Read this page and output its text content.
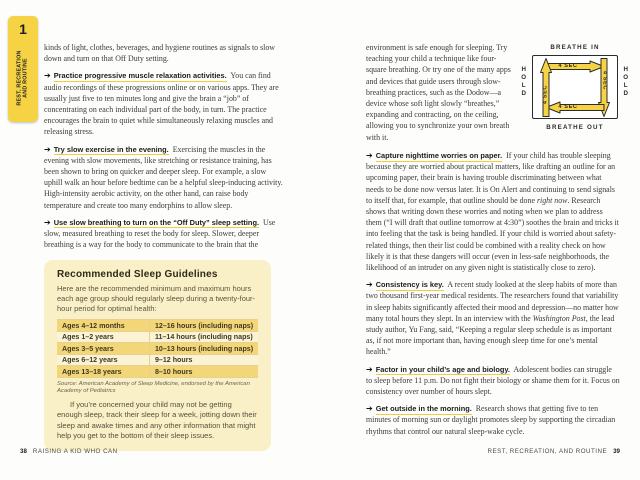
1
REST, RECREATION AND ROUTINE

kinds of light, clothes, beverages, and hygiene routines as signals to slow down and turn on that Off Duty setting.

➔ Practice progressive muscle relaxation activities. You can find audio recordings of these progressions online or on various apps. They are usually just five to ten minutes long and give the brain a “job” of concentrating on each individual part of the body, in turn. The practice encourages the brain to quiet while simultaneously relaxing muscles and releasing stress.

➔ Try slow exercise in the evening. Exercising the muscles in the evening with slow movements, like stretching or resistance training, has been shown to bring on quicker and deeper sleep. For example, a slow uphill walk an hour before bedtime can be a helpful sleep-inducing activity. High-intensity aerobic activity, on the other hand, can raise body temperature and create too many endorphins to allow sleep.

➔ Use slow breathing to turn on the “Off Duty” sleep setting. Use slow, measured breathing to reset the body for sleep. Slower, deeper breathing is a way for the body to communicate to the brain that the

Recommended Sleep Guidelines
Here are the recommended minimum and maximum hours each age group should regularly sleep during a twenty-four-hour period for optimal health:
Ages 4–12 months	12–16 hours (including naps)
Ages 1–2 years	11–14 hours (including naps)
Ages 3–5 years	10–13 hours (including naps)
Ages 6–12 years	9–12 hours
Ages 13–18 years	8–10 hours
Source: American Academy of Sleep Medicine, endorsed by the American Academy of Pediatrics
If you’re concerned your child may not be getting enough sleep, track their sleep for a week, jotting down their sleep and awake times and any other information that might help you get to the bottom of their sleep issues.

environment is safe enough for sleeping. Try teaching your child a technique like four-square breathing. Or try one of the many apps and devices that guide users through slow-breathing practices, such as the Dodow—a device whose soft light slowly “breathes,” expanding and contracting, on the ceiling, allowing you to synchronize your own breath with it.

BREATHE IN
BREATHE OUT
HOLD	HOLD
4 SEC
4 SEC
4 SEC
4 SEC

➔ Capture nighttime worries on paper. If your child has trouble sleeping because they are worried about practical matters, like drafting an outline for an upcoming paper, their brain is having trouble discriminating between what needs to be done now versus later. It is On Alert and continuing to send signals to itself that, for example, that outline should be done right now. Research shows that writing down these worries and noting when we plan to address them (“I will draft that outline tomorrow at 4:30”) soothes the brain and tricks it into feeling that the task is being handled. If your child is worried about safety-related things, then their list could be combined with a reality check on how likely it is that these dangers will occur (even in less-safe neighborhoods, the likelihood of an intruder on any given night is statistically close to zero).

➔ Consistency is key. A recent study looked at the sleep habits of more than two thousand first-year medical residents. The researchers found that variability in sleep habits significantly affected their mood and depression—no matter how many total hours they slept. In an interview with the Washington Post, the lead study author, Yu Fang, said, “Keeping a regular sleep schedule is as important as, if not more important than, having enough sleep time for one’s mental health.”

➔ Factor in your child’s age and biology. Adolescent bodies can struggle to sleep before 11 p.m. Do not fight their biology or shame them for it. Focus on consistency over number of hours slept.

➔ Get outside in the morning. Research shows that getting five to ten minutes of morning sun or daylight promotes sleep by supporting the circadian rhythms that control our natural sleep-wake cycle.

38 RAISING A KID WHO CAN	REST, RECREATION, AND ROUTINE 39
